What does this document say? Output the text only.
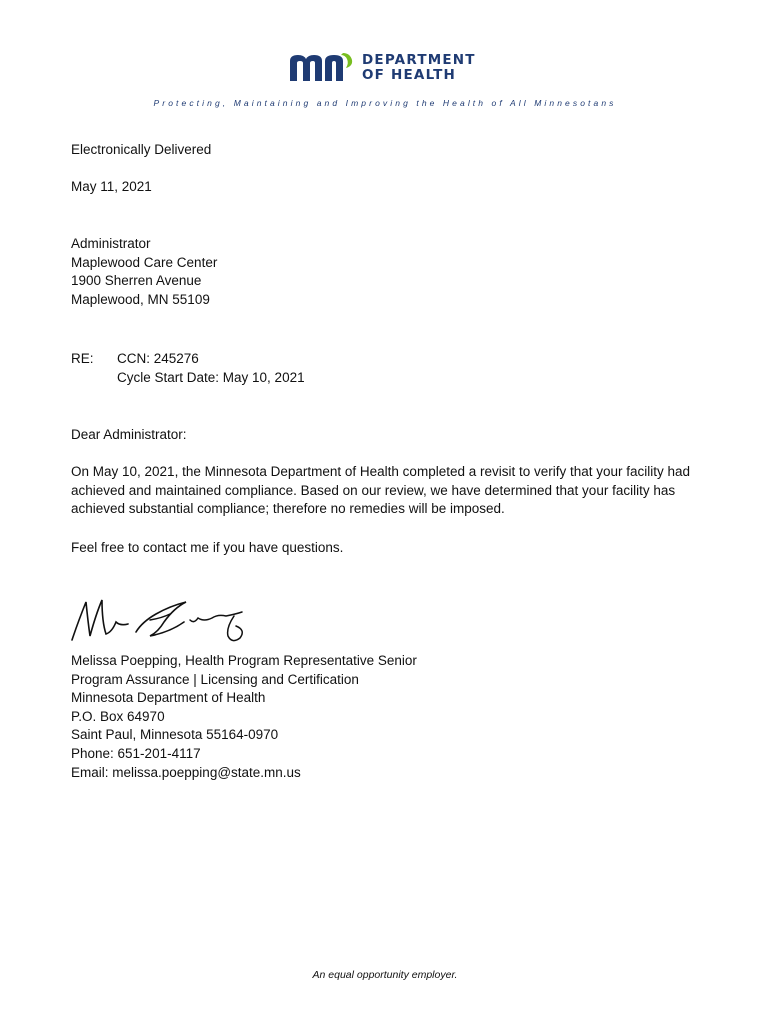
DEPARTMENT
OF HEALTH
Protecting, Maintaining and Improving the Health of All Minnesotans
Electronically Delivered
May 11, 2021
Administrator
Maplewood Care Center
1900 Sherren Avenue
Maplewood, MN 55109
RE: CCN: 245276
Cycle Start Date: May 10, 2021
Dear Administrator:
On May 10, 2021, the Minnesota Department of Health completed a revisit to verify that your facility had achieved and maintained compliance. Based on our review, we have determined that your facility has achieved substantial compliance; therefore no remedies will be imposed.
Feel free to contact me if you have questions.
Melissa Poepping, Health Program Representative Senior
Program Assurance | Licensing and Certification
Minnesota Department of Health
P.O. Box 64970
Saint Paul, Minnesota 55164-0970
Phone: 651-201-4117
Email: melissa.poepping@state.mn.us
An equal opportunity employer.
